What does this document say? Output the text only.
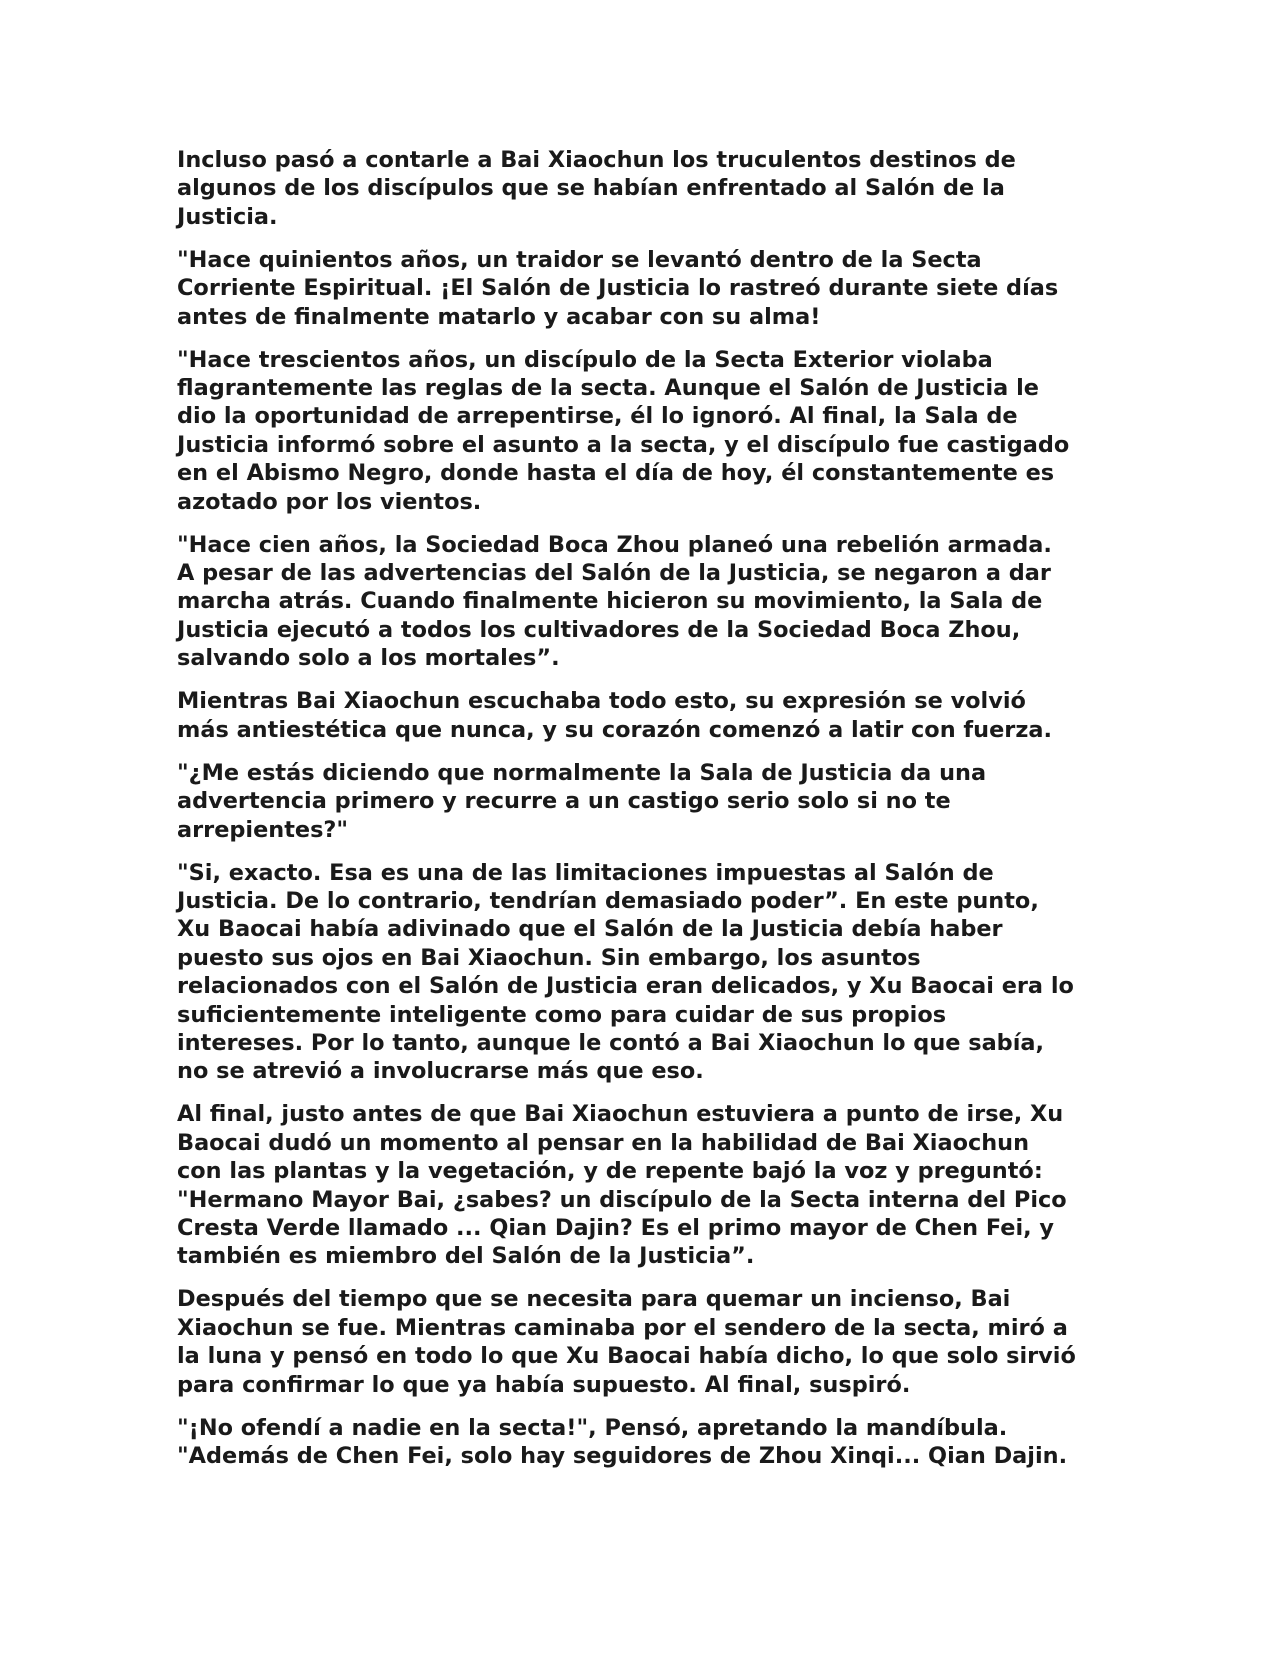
Incluso pasó a contarle a Bai Xiaochun los truculentos destinos de
algunos de los discípulos que se habían enfrentado al Salón de la
Justicia.

"Hace quinientos años, un traidor se levantó dentro de la Secta
Corriente Espiritual. ¡El Salón de Justicia lo rastreó durante siete días
antes de finalmente matarlo y acabar con su alma!

"Hace trescientos años, un discípulo de la Secta Exterior violaba
flagrantemente las reglas de la secta. Aunque el Salón de Justicia le
dio la oportunidad de arrepentirse, él lo ignoró. Al final, la Sala de
Justicia informó sobre el asunto a la secta, y el discípulo fue castigado
en el Abismo Negro, donde hasta el día de hoy, él constantemente es
azotado por los vientos.

"Hace cien años, la Sociedad Boca Zhou planeó una rebelión armada.
A pesar de las advertencias del Salón de la Justicia, se negaron a dar
marcha atrás. Cuando finalmente hicieron su movimiento, la Sala de
Justicia ejecutó a todos los cultivadores de la Sociedad Boca Zhou,
salvando solo a los mortales”.

Mientras Bai Xiaochun escuchaba todo esto, su expresión se volvió
más antiestética que nunca, y su corazón comenzó a latir con fuerza.

"¿Me estás diciendo que normalmente la Sala de Justicia da una
advertencia primero y recurre a un castigo serio solo si no te
arrepientes?"

"Si, exacto. Esa es una de las limitaciones impuestas al Salón de
Justicia. De lo contrario, tendrían demasiado poder”. En este punto,
Xu Baocai había adivinado que el Salón de la Justicia debía haber
puesto sus ojos en Bai Xiaochun. Sin embargo, los asuntos
relacionados con el Salón de Justicia eran delicados, y Xu Baocai era lo
suficientemente inteligente como para cuidar de sus propios
intereses. Por lo tanto, aunque le contó a Bai Xiaochun lo que sabía,
no se atrevió a involucrarse más que eso.

Al final, justo antes de que Bai Xiaochun estuviera a punto de irse, Xu
Baocai dudó un momento al pensar en la habilidad de Bai Xiaochun
con las plantas y la vegetación, y de repente bajó la voz y preguntó:
"Hermano Mayor Bai, ¿sabes? un discípulo de la Secta interna del Pico
Cresta Verde llamado ... Qian Dajin? Es el primo mayor de Chen Fei, y
también es miembro del Salón de la Justicia”.

Después del tiempo que se necesita para quemar un incienso, Bai
Xiaochun se fue. Mientras caminaba por el sendero de la secta, miró a
la luna y pensó en todo lo que Xu Baocai había dicho, lo que solo sirvió
para confirmar lo que ya había supuesto. Al final, suspiró.

"¡No ofendí a nadie en la secta!", Pensó, apretando la mandíbula.
"Además de Chen Fei, solo hay seguidores de Zhou Xinqi... Qian Dajin.
